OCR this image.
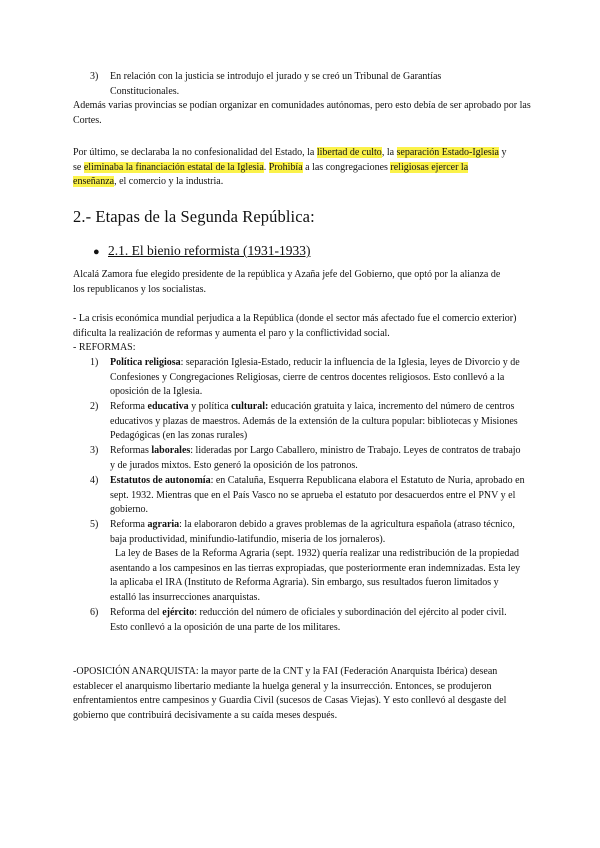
3) En relación con la justicia se introdujo el jurado y se creó un Tribunal de Garantías Constitucionales.

Además varias provincias se podían organizar en comunidades autónomas, pero esto debía de ser aprobado por las Cortes.

Por último, se declaraba la no confesionalidad del Estado, la libertad de culto, la separación Estado-Iglesia y se eliminaba la financiación estatal de la Iglesia. Prohibía a las congregaciones religiosas ejercer la enseñanza, el comercio y la industria.

2.- Etapas de la Segunda República:
● 2.1. El bienio reformista (1931-1933)

Alcalá Zamora fue elegido presidente de la república y Azaña jefe del Gobierno, que optó por la alianza de los republicanos y los socialistas.

- La crisis económica mundial perjudica a la República (donde el sector más afectado fue el comercio exterior) dificulta la realización de reformas y aumenta el paro y la conflictividad social.

- REFORMAS:

1) Política religiosa: separación Iglesia-Estado, reducir la influencia de la Iglesia, leyes de Divorcio y de Confesiones y Congregaciones Religiosas, cierre de centros docentes religiosos. Esto conllevó a la oposición de la Iglesia.

2) Reforma educativa y política cultural: educación gratuita y laica, incremento del número de centros educativos y plazas de maestros. Además de la extensión de la cultura popular: bibliotecas y Misiones Pedagógicas (en las zonas rurales)

3) Reformas laborales: lideradas por Largo Caballero, ministro de Trabajo. Leyes de contratos de trabajo y de jurados mixtos. Esto generó la oposición de los patronos.

4) Estatutos de autonomía: en Cataluña, Esquerra Republicana elabora el Estatuto de Nuria, aprobado en sept. 1932. Mientras que en el País Vasco no se aprueba el estatuto por desacuerdos entre el PNV y el gobierno.

5) Reforma agraria: la elaboraron debido a graves problemas de la agricultura española (atraso técnico, baja productividad, minifundio-latifundio, miseria de los jornaleros).
La ley de Bases de la Reforma Agraria (sept. 1932) quería realizar una redistribución de la propiedad asentando a los campesinos en las tierras expropiadas, que posteriormente eran indemnizadas. Esta ley la aplicaba el IRA (Instituto de Reforma Agraria). Sin embargo, sus resultados fueron limitados y estalló las insurrecciones anarquistas.

6) Reforma del ejército: reducción del número de oficiales y subordinación del ejército al poder civil. Esto conllevó a la oposición de una parte de los militares.

-OPOSICIÓN ANARQUISTA: la mayor parte de la CNT y la FAI (Federación Anarquista Ibérica) desean establecer el anarquismo libertario mediante la huelga general y la insurrección. Entonces, se produjeron enfrentamientos entre campesinos y Guardia Civil (sucesos de Casas Viejas). Y esto conllevó al desgaste del gobierno que contribuirá decisivamente a su caída meses después.
